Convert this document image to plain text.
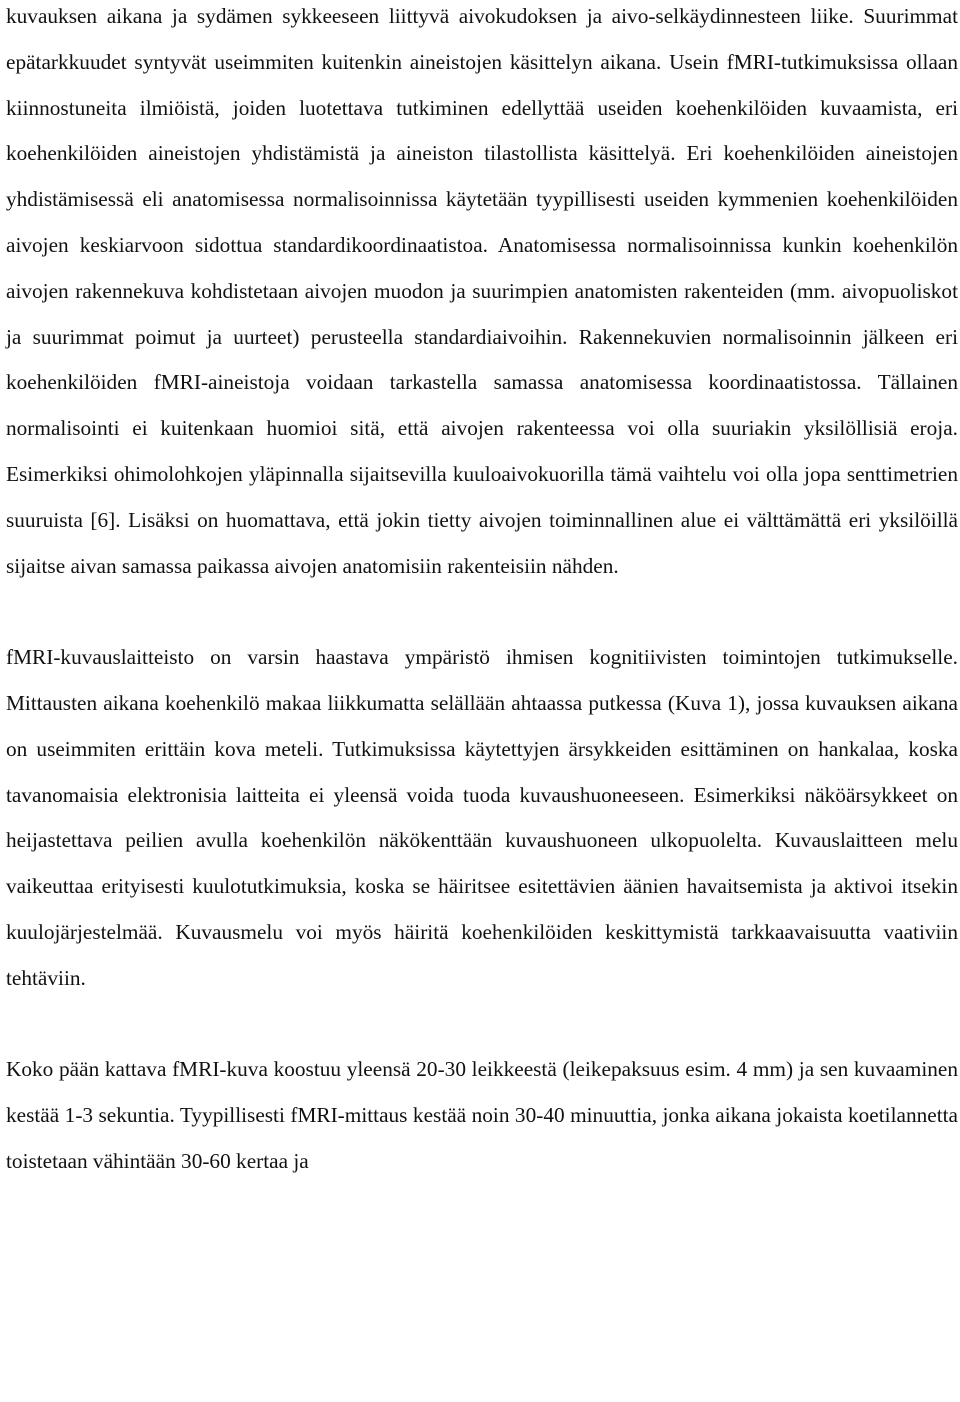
kuvauksen aikana ja sydämen sykkeeseen liittyvä aivokudoksen ja aivo-selkäydinnesteen liike. Suurimmat epätarkkuudet syntyvät useimmiten kuitenkin aineistojen käsittelyn aikana. Usein fMRI-tutkimuksissa ollaan kiinnostuneita ilmiöistä, joiden luotettava tutkiminen edellyttää useiden koehenkilöiden kuvaamista, eri koehenkilöiden aineistojen yhdistämistä ja aineiston tilastollista käsittelyä. Eri koehenkilöiden aineistojen yhdistämisessä eli anatomisessa normalisoinnissa käytetään tyypillisesti useiden kymmenien koehenkilöiden aivojen keskiarvoon sidottua standardikoordinaatistoa. Anatomisessa normalisoinnissa kunkin koehenkilön aivojen rakennekuva kohdistetaan aivojen muodon ja suurimpien anatomisten rakenteiden (mm. aivopuoliskot ja suurimmat poimut ja uurteet) perusteella standardiaivoihin. Rakennekuvien normalisoinnin jälkeen eri koehenkilöiden fMRI-aineistoja voidaan tarkastella samassa anatomisessa koordinaatistossa. Tällainen normalisointi ei kuitenkaan huomioi sitä, että aivojen rakenteessa voi olla suuriakin yksilöllisiä eroja. Esimerkiksi ohimolohkojen yläpinnalla sijaitsevilla kuuloaivokuorilla tämä vaihtelu voi olla jopa senttimetrien suuruista [6]. Lisäksi on huomattava, että jokin tietty aivojen toiminnallinen alue ei välttämättä eri yksilöillä sijaitse aivan samassa paikassa aivojen anatomisiin rakenteisiin nähden.

fMRI-kuvauslaitteisto on varsin haastava ympäristö ihmisen kognitiivisten toimintojen tutkimukselle. Mittausten aikana koehenkilö makaa liikkumatta selällään ahtaassa putkessa (Kuva 1), jossa kuvauksen aikana on useimmiten erittäin kova meteli. Tutkimuksissa käytettyjen ärsykkeiden esittäminen on hankalaa, koska tavanomaisia elektronisia laitteita ei yleensä voida tuoda kuvaushuoneeseen. Esimerkiksi näköärsykkeet on heijastettava peilien avulla koehenkilön näkökenttään kuvaushuoneen ulkopuolelta. Kuvauslaitteen melu vaikeuttaa erityisesti kuulotutkimuksia, koska se häiritsee esitettävien äänien havaitsemista ja aktivoi itsekin kuulojärjestelmää. Kuvausmelu voi myös häiritä koehenkilöiden keskittymistä tarkkaavaisuutta vaativiin tehtäviin.

Koko pään kattava fMRI-kuva koostuu yleensä 20-30 leikkeestä (leikepaksuus esim. 4 mm) ja sen kuvaaminen kestää 1-3 sekuntia. Tyypillisesti fMRI-mittaus kestää noin 30-40 minuuttia, jonka aikana jokaista koetilannetta toistetaan vähintään 30-60 kertaa ja
